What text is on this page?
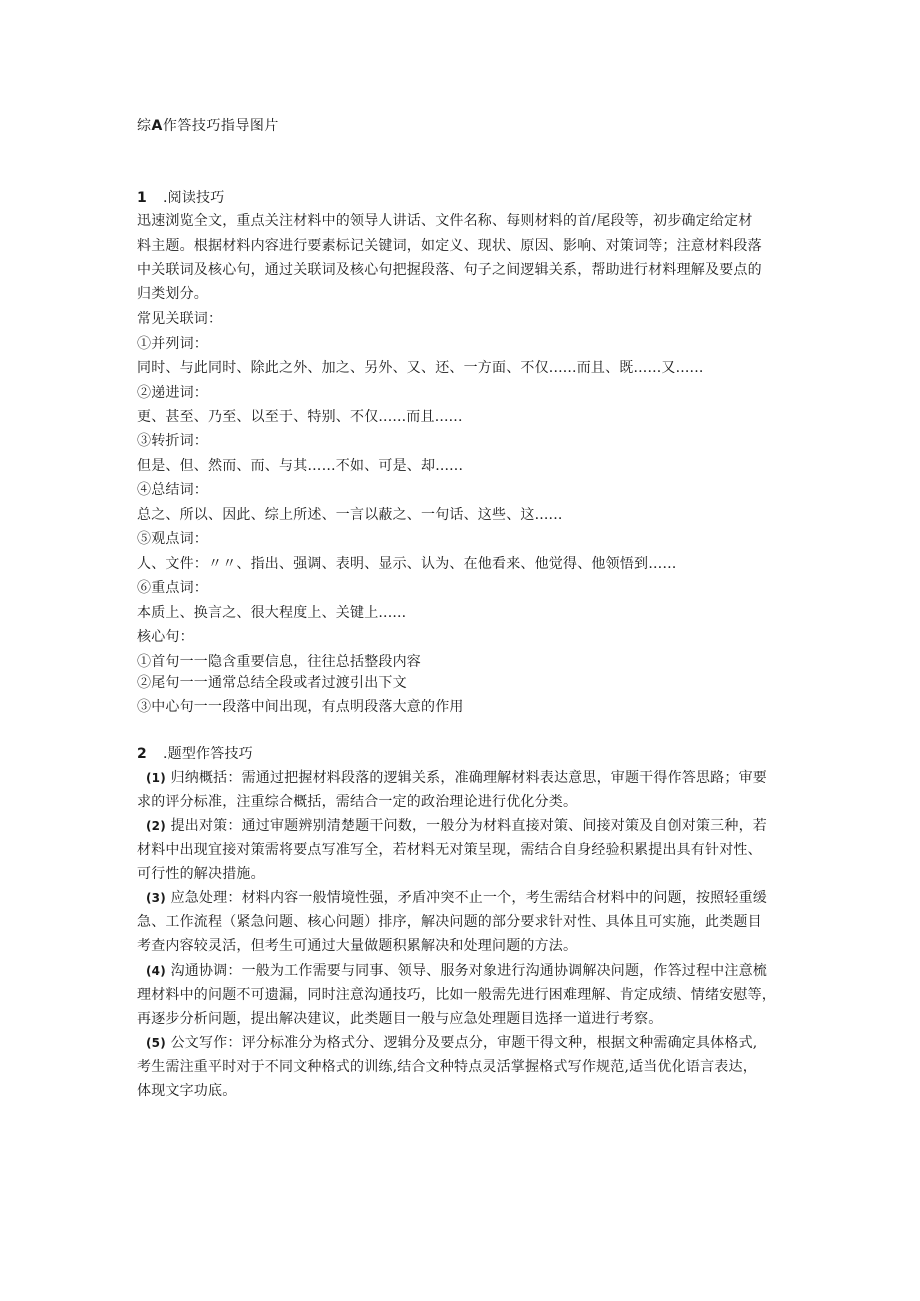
综A作答技巧指导图片
1 .阅读技巧
迅速浏览全文，重点关注材料中的领导人讲话、文件名称、每则材料的首/尾段等，初步确定给定材
料主题。根据材料内容进行要素标记关键词，如定义、现状、原因、影响、对策词等；注意材料段落
中关联词及核心句，通过关联词及核心句把握段落、句子之间逻辑关系，帮助进行材料理解及要点的
归类划分。
常见关联词：
①并列词：
同时、与此同时、除此之外、加之、另外、又、还、一方面、不仅......而且、既......又......
②递进词：
更、甚至、乃至、以至于、特别、不仅......而且......
③转折词：
但是、但、然而、而、与其……不如、可是、却......
④总结词：
总之、所以、因此、综上所述、一言以蔽之、一句话、这些、这......
⑤观点词：
人、文件：〃〃、指出、强调、表明、显示、认为、在他看来、他觉得、他领悟到……
⑥重点词：
本质上、换言之、很大程度上、关键上......
核心句：
①首句一一隐含重要信息，往往总括整段内容
②尾句一一通常总结全段或者过渡引出下文
③中心句一一段落中间出现，有点明段落大意的作用
2 .题型作答技巧
(1) 归纳概括：需通过把握材料段落的逻辑关系，准确理解材料表达意思，审题干得作答思路；审要
求的评分标准，注重综合概括，需结合一定的政治理论进行优化分类。
(2) 提出对策：通过审题辨别清楚题干问数，一般分为材料直接对策、间接对策及自创对策三种，若
材料中出现宜接对策需将要点写准写全，若材料无对策呈现，需结合自身经验积累提出具有针对性、
可行性的解决措施。
(3) 应急处理：材料内容一般情境性强，矛盾冲突不止一个，考生需结合材料中的问题，按照轻重缓
急、工作流程（紧急问题、核心问题）排序，解决问题的部分要求针对性、具体且可实施，此类题目
考查内容较灵活，但考生可通过大量做题积累解决和处理问题的方法。
(4) 沟通协调：一般为工作需要与同事、领导、服务对象进行沟通协调解决问题，作答过程中注意梳
理材料中的问题不可遗漏，同时注意沟通技巧，比如一般需先进行困难理解、肯定成绩、情绪安慰等，
再逐步分析问题，提出解决建议，此类题目一般与应急处理题目选择一道进行考察。
(5) 公文写作：评分标准分为格式分、逻辑分及要点分，审题干得文种，根据文种需确定具体格式,
考生需注重平时对于不同文种格式的训练,结合文种特点灵活掌握格式写作规范,适当优化语言表达，
体现文字功底。
